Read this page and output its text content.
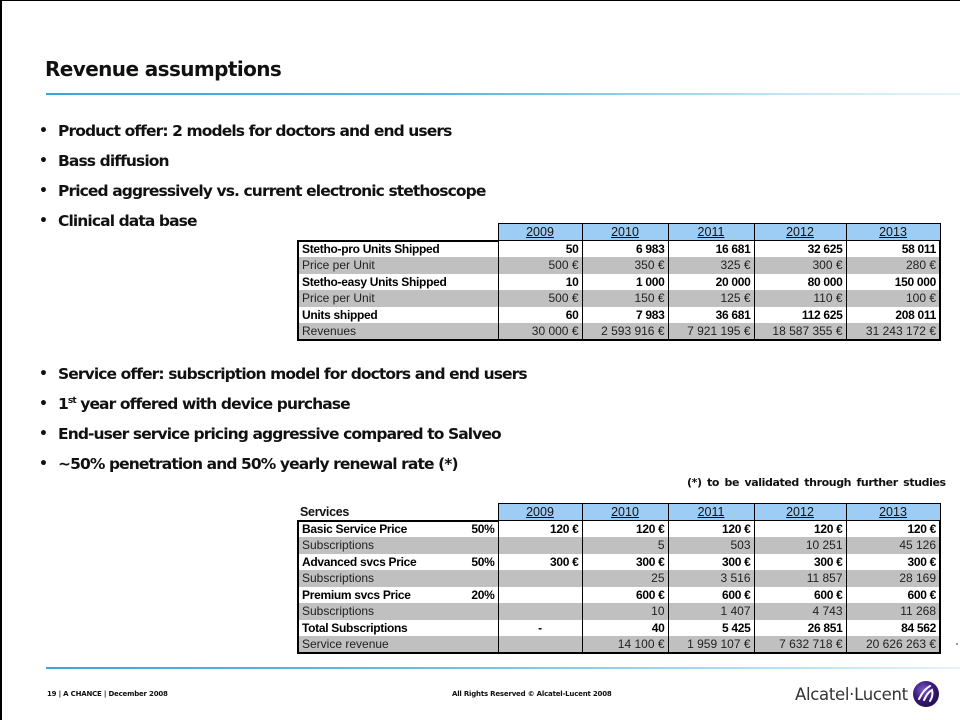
Revenue assumptions
• Product offer: 2 models for doctors and end users
• Bass diffusion
• Priced aggressively vs. current electronic stethoscope
• Clinical data base
	2009	2010	2011	2012	2013
Stetho-pro Units Shipped	50	6 983	16 681	32 625	58 011
Price per Unit	500 €	350 €	325 €	300 €	280 €
Stetho-easy Units Shipped	10	1 000	20 000	80 000	150 000
Price per Unit	500 €	150 €	125 €	110 €	100 €
Units shipped	60	7 983	36 681	112 625	208 011
Revenues	30 000 €	2 593 916 €	7 921 195 €	18 587 355 €	31 243 172 €
• Service offer: subscription model for doctors and end users
• 1st year offered with device purchase
• End-user service pricing aggressive compared to Salveo
• ~50% penetration and 50% yearly renewal rate (*)
(*) to be validated through further studies
Services		2009	2010	2011	2012	2013
Basic Service Price	50%	120 €	120 €	120 €	120 €	120 €
Subscriptions			5	503	10 251	45 126
Advanced svcs Price	50%	300 €	300 €	300 €	300 €	300 €
Subscriptions			25	3 516	11 857	28 169
Premium svcs Price	20%		600 €	600 €	600 €	600 €
Subscriptions			10	1 407	4 743	11 268
Total Subscriptions		-	40	5 425	26 851	84 562
Service revenue			14 100 €	1 959 107 €	7 632 718 €	20 626 263 €
19 | A CHANCE | December 2008	All Rights Reserved © Alcatel-Lucent 2008	Alcatel·Lucent
